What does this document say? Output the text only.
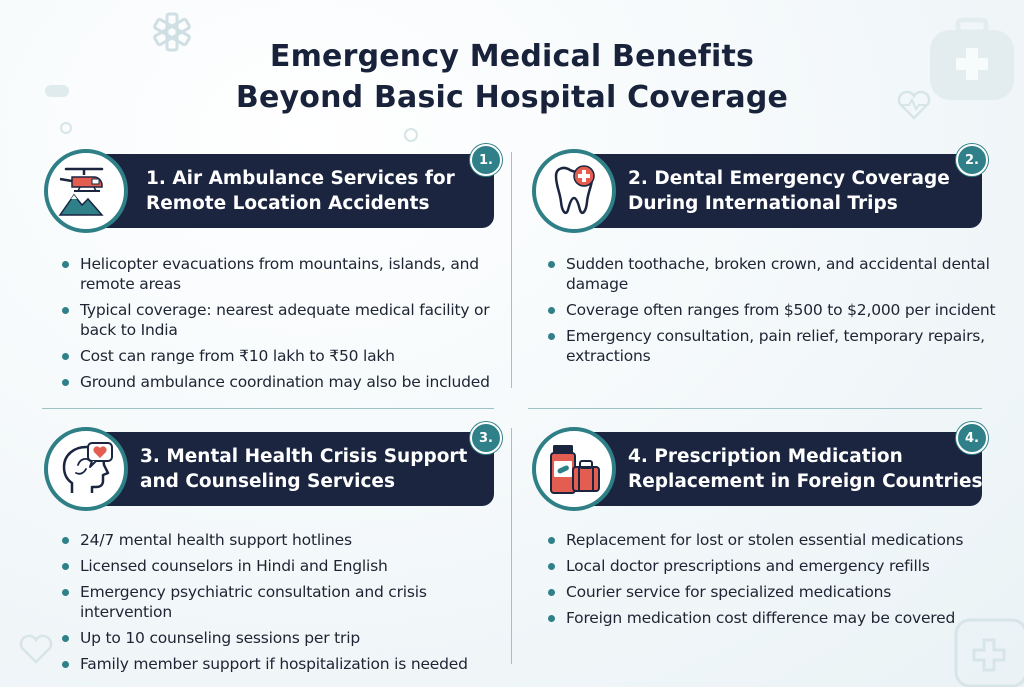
Emergency Medical Benefits
Beyond Basic Hospital Coverage
1. Air Ambulance Services for
Remote Location Accidents
1.
Helicopter evacuations from mountains, islands, and remote areas
Typical coverage: nearest adequate medical facility or back to India
Cost can range from ₹10 lakh to ₹50 lakh
Ground ambulance coordination may also be included
2. Dental Emergency Coverage
During International Trips
2.
Sudden toothache, broken crown, and accidental dental damage
Coverage often ranges from $500 to $2,000 per incident
Emergency consultation, pain relief, temporary repairs, extractions
3. Mental Health Crisis Support
and Counseling Services
3.
24/7 mental health support hotlines
Licensed counselors in Hindi and English
Emergency psychiatric consultation and crisis intervention
Up to 10 counseling sessions per trip
Family member support if hospitalization is needed
4. Prescription Medication
Replacement in Foreign Countries
4.
Replacement for lost or stolen essential medications
Local doctor prescriptions and emergency refills
Courier service for specialized medications
Foreign medication cost difference may be covered
